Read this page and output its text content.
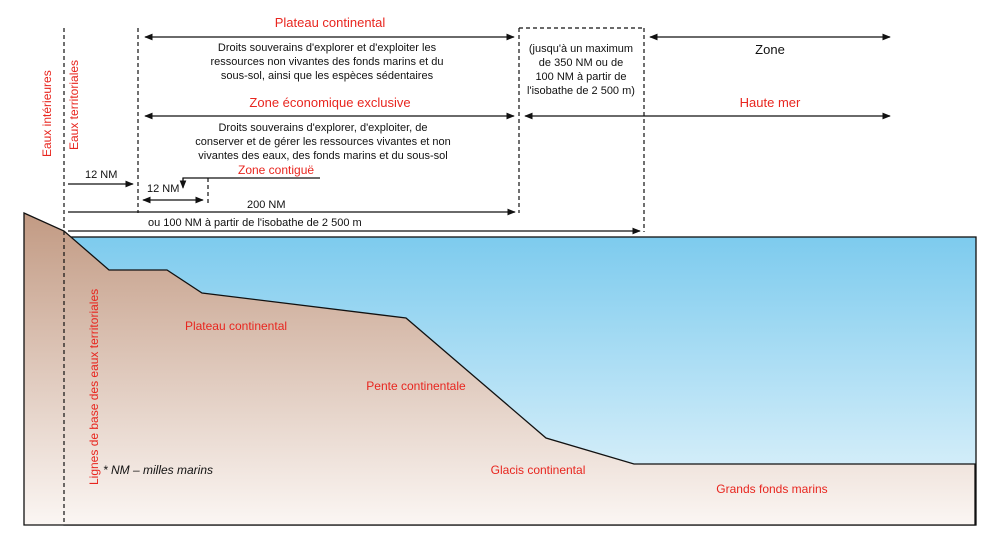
Eaux intérieures Eaux territoriales
Lignes de base des eaux territoriales
Plateau continental
Droits souverains d'explorer et d'exploiter les
ressources non vivantes des fonds marins et du
sous-sol, ainsi que les espèces sédentaires
Zone économique exclusive
Droits souverains d'explorer, d'exploiter, de
conserver et de gérer les ressources vivantes et non
vivantes des eaux, des fonds marins et du sous-sol
Zone contiguë
12 NM
12 NM
200 NM
ou 100 NM à partir de l'isobathe de 2 500 m
(jusqu'à un maximum
de 350 NM ou de
100 NM à partir de
l'isobathe de 2 500 m)
Zone
Haute mer
Plateau continental
Pente continentale
Glacis continental
Grands fonds marins
* NM – milles marins
